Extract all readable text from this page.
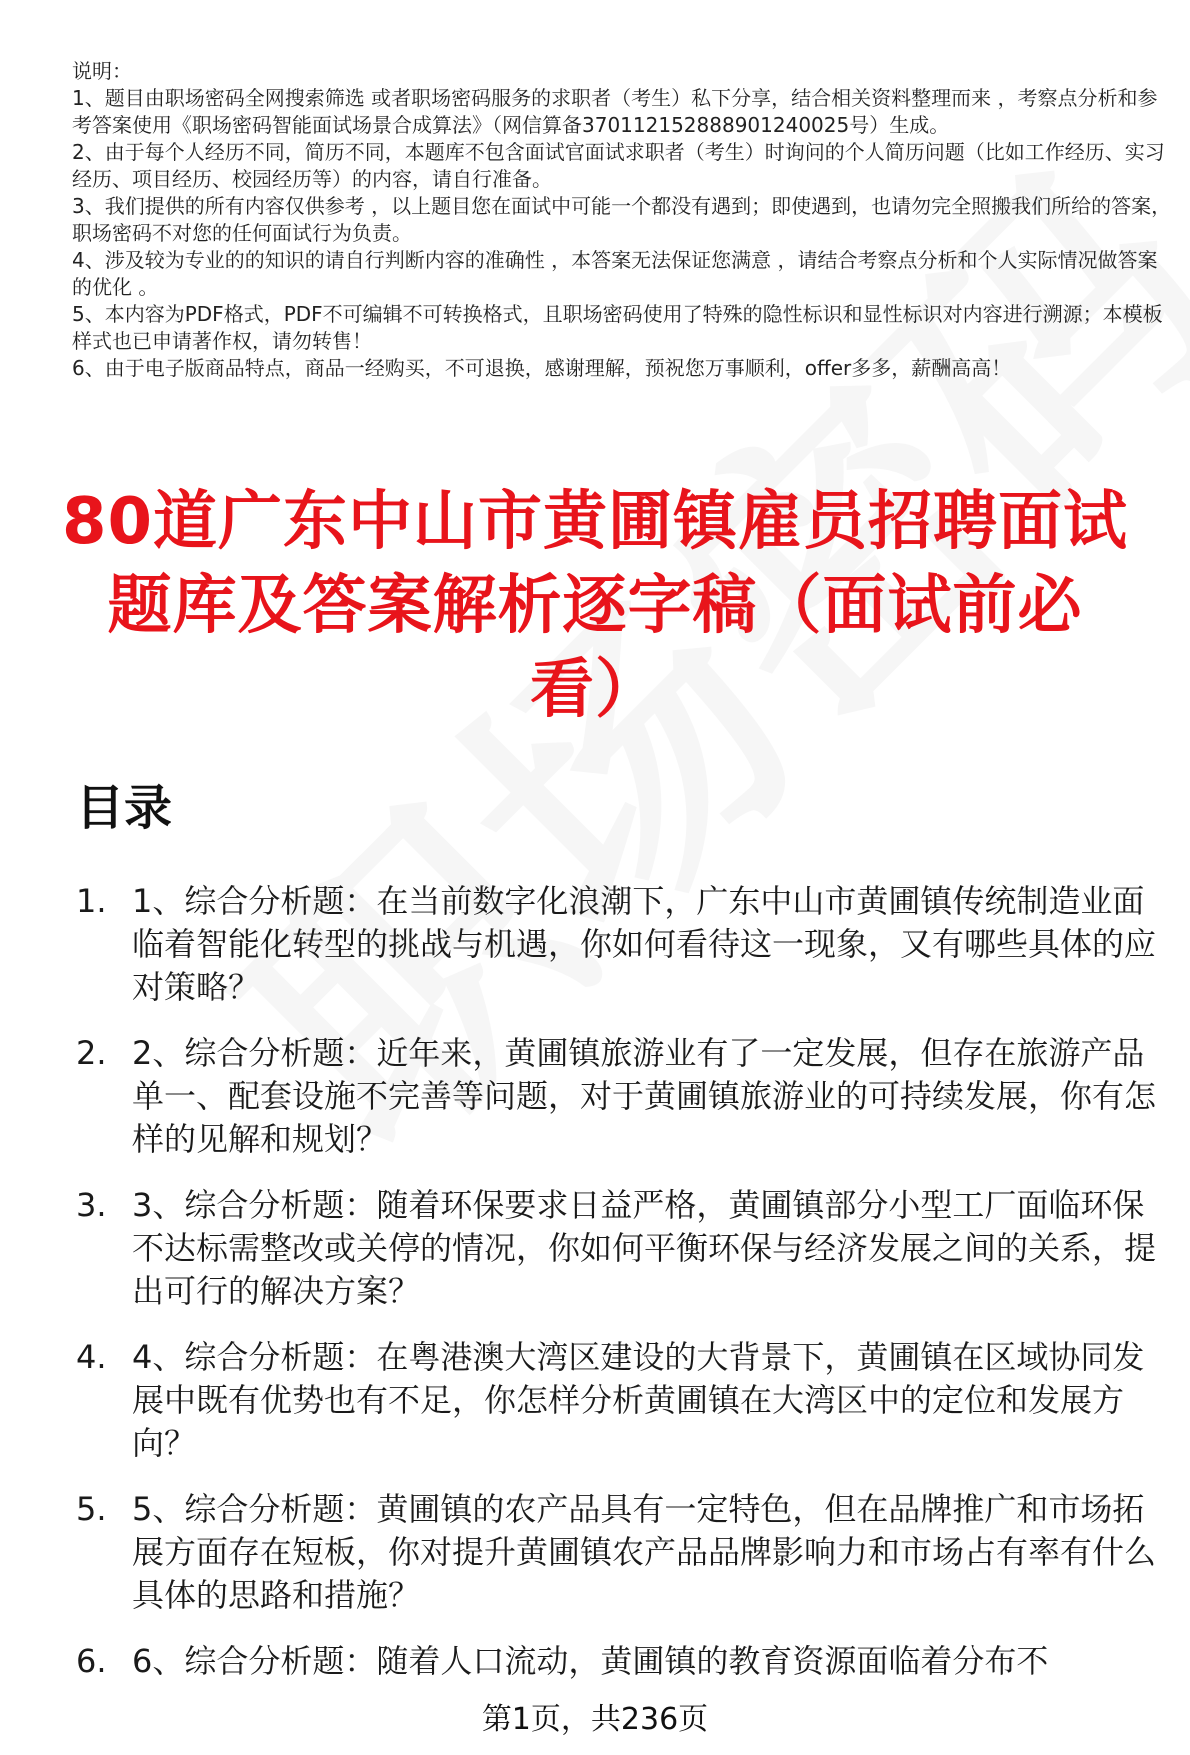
说明：
1、题目由职场密码全网搜索筛选 或者职场密码服务的求职者（考生）私下分享，结合相关资料整理而来 ，考察点分析和参考答案使用《职场密码智能面试场景合成算法》（网信算备370112152888901240025号）生成。
2、由于每个人经历不同，简历不同，本题库不包含面试官面试求职者（考生）时询问的个人简历问题（比如工作经历、实习经历、项目经历、校园经历等）的内容，请自行准备。
3、我们提供的所有内容仅供参考 ，以上题目您在面试中可能一个都没有遇到；即使遇到，也请勿完全照搬我们所给的答案，职场密码不对您的任何面试行为负责。
4、涉及较为专业的的知识的请自行判断内容的准确性 ，本答案无法保证您满意 ，请结合考察点分析和个人实际情况做答案的优化 。
5、本内容为PDF格式，PDF不可编辑不可转换格式，且职场密码使用了特殊的隐性标识和显性标识对内容进行溯源；本模板样式也已申请著作权，请勿转售！
6、由于电子版商品特点，商品一经购买，不可退换，感谢理解，预祝您万事顺利，offer多多，薪酬高高！
80道广东中山市黄圃镇雇员招聘面试题库及答案解析逐字稿（面试前必看）
目录
1. 1、综合分析题：在当前数字化浪潮下，广东中山市黄圃镇传统制造业面临着智能化转型的挑战与机遇，你如何看待这一现象，又有哪些具体的应对策略？
2. 2、综合分析题：近年来，黄圃镇旅游业有了一定发展，但存在旅游产品单一、配套设施不完善等问题，对于黄圃镇旅游业的可持续发展，你有怎样的见解和规划？
3. 3、综合分析题：随着环保要求日益严格，黄圃镇部分小型工厂面临环保不达标需整改或关停的情况，你如何平衡环保与经济发展之间的关系，提出可行的解决方案？
4. 4、综合分析题：在粤港澳大湾区建设的大背景下，黄圃镇在区域协同发展中既有优势也有不足，你怎样分析黄圃镇在大湾区中的定位和发展方向？
5. 5、综合分析题：黄圃镇的农产品具有一定特色，但在品牌推广和市场拓展方面存在短板，你对提升黄圃镇农产品品牌影响力和市场占有率有什么具体的思路和措施？
6. 6、综合分析题：随着人口流动，黄圃镇的教育资源面临着分布不
第1页，共236页
